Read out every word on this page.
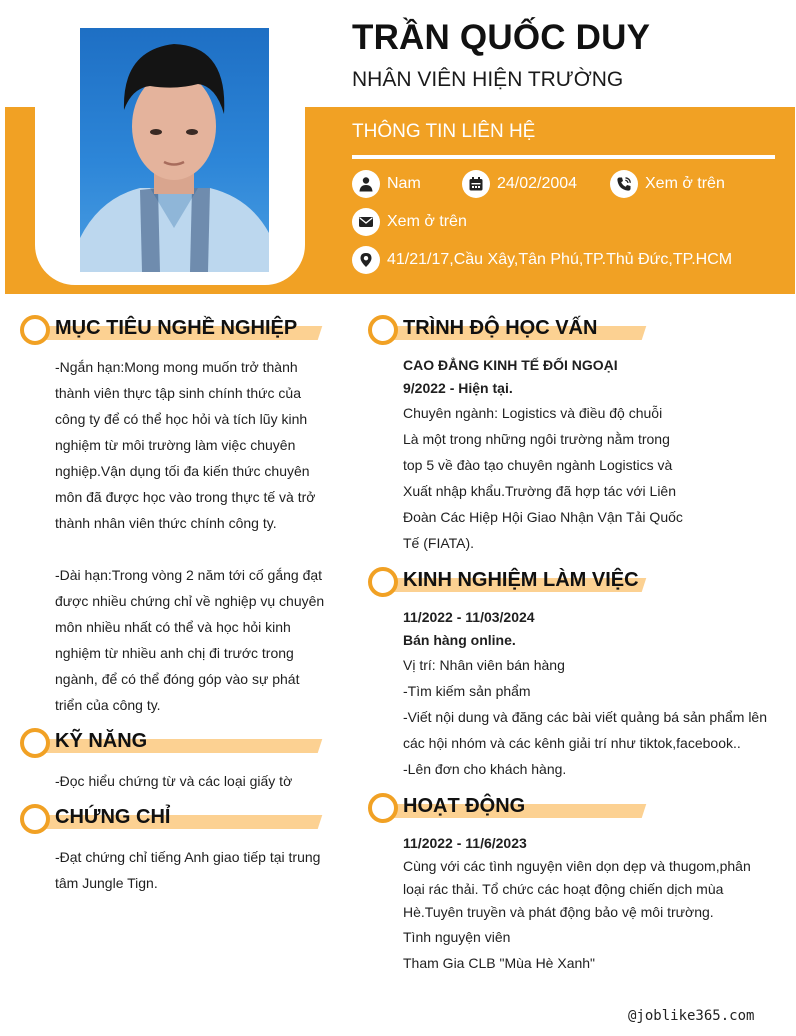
TRẦN QUỐC DUY
NHÂN VIÊN HIỆN TRƯỜNG
THÔNG TIN LIÊN HỆ
Nam	24/02/2004	Xem ở trên
Xem ở trên
41/21/17,Cầu Xây,Tân Phú,TP.Thủ Đức,TP.HCM
MỤC TIÊU NGHỀ NGHIỆP
-Ngắn hạn:Mong mong muốn trở thành
thành viên thực tập sinh chính thức của
công ty để có thể học hỏi và tích lũy kinh
nghiệm từ môi trường làm việc chuyên
nghiệp.Vận dụng tối đa kiến thức chuyên
môn đã được học vào trong thực tế và trở
thành nhân viên thức chính công ty.
-Dài hạn:Trong vòng 2 năm tới cố gắng đạt
được nhiều chứng chỉ về nghiệp vụ chuyên
môn nhiều nhất có thể và học hỏi kinh
nghiệm từ nhiều anh chị đi trước trong
ngành, để có thể đóng góp vào sự phát
triển của công ty.
KỸ NĂNG
-Đọc hiểu chứng từ và các loại giấy tờ
CHỨNG CHỈ
-Đạt chứng chỉ tiếng Anh giao tiếp tại trung
tâm Jungle Tign.
TRÌNH ĐỘ HỌC VẤN
CAO ĐẲNG KINH TẾ ĐỐI NGOẠI
9/2022 - Hiện tại.
Chuyên ngành: Logistics và điều độ chuỗi
Là một trong những ngôi trường nằm trong
top 5 về đào tạo chuyên ngành Logistics và
Xuất nhập khẩu.Trường đã hợp tác với Liên
Đoàn Các Hiệp Hội Giao Nhận Vận Tải Quốc
Tế (FIATA).
KINH NGHIỆM LÀM VIỆC
11/2022 - 11/03/2024
Bán hàng online.
Vị trí: Nhân viên bán hàng
-Tìm kiếm sản phẩm
-Viết nội dung và đăng các bài viết quảng bá sản phẩm lên
các hội nhóm và các kênh giải trí như tiktok,facebook..
-Lên đơn cho khách hàng.
HOẠT ĐỘNG
11/2022 - 11/6/2023
Cùng với các tình nguyện viên dọn dẹp và thugom,phân
loại rác thải. Tổ chức các hoạt động chiến dịch mùa
Hè.Tuyên truyền và phát động bảo vệ môi trường.
Tình nguyện viên
Tham Gia CLB "Mùa Hè Xanh"
@joblike365.com
